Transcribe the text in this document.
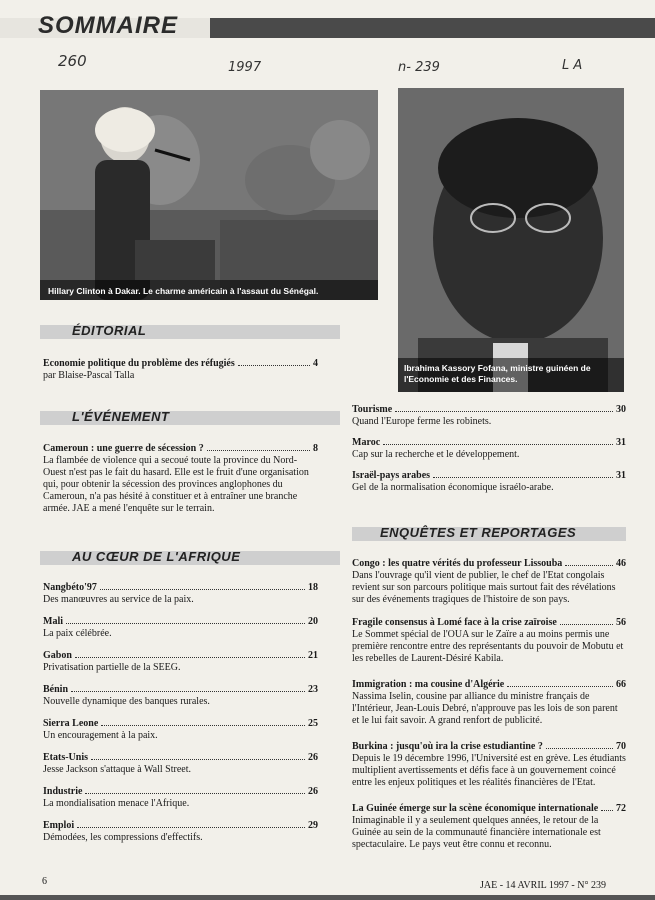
SOMMAIRE
260	1997	n- 239	L A
Hillary Clinton à Dakar. Le charme américain à l'assaut du Sénégal.
Ibrahima Kassory Fofana, ministre guinéen de l'Economie et des Finances.
ÉDITORIAL
Economie politique du problème des réfugiés	4
par Blaise-Pascal Talla
L'ÉVÉNEMENT
Cameroun : une guerre de sécession ?	8
La flambée de violence qui a secoué toute la province du Nord-Ouest n'est pas le fait du hasard. Elle est le fruit d'une organisation qui, pour obtenir la sécession des provinces anglophones du Cameroun, n'a pas hésité à constituer et à entraîner une branche armée. JAE a mené l'enquête sur le terrain.
AU CŒUR DE L'AFRIQUE
Nangbéto'97	18
Des manœuvres au service de la paix.
Mali	20
La paix célébrée.
Gabon	21
Privatisation partielle de la SEEG.
Bénin	23
Nouvelle dynamique des banques rurales.
Sierra Leone	25
Un encouragement à la paix.
Etats-Unis	26
Jesse Jackson s'attaque à Wall Street.
Industrie	26
La mondialisation menace l'Afrique.
Emploi	29
Démodées, les compressions d'effectifs.
Tourisme	30
Quand l'Europe ferme les robinets.
Maroc	31
Cap sur la recherche et le développement.
Israël-pays arabes	31
Gel de la normalisation économique israélo-arabe.
ENQUÊTES ET REPORTAGES
Congo : les quatre vérités du professeur Lissouba	46
Dans l'ouvrage qu'il vient de publier, le chef de l'Etat congolais revient sur son parcours politique mais surtout fait des révélations sur des événements tragiques de l'histoire de son pays.
Fragile consensus à Lomé face à la crise zaïroise	56
Le Sommet spécial de l'OUA sur le Zaïre a au moins permis une première rencontre entre des représentants du pouvoir de Mobutu et les rebelles de Laurent-Désiré Kabila.
Immigration : ma cousine d'Algérie	66
Nassima Iselin, cousine par alliance du ministre français de l'Intérieur, Jean-Louis Debré, n'approuve pas les lois de son parent et le lui fait savoir. A grand renfort de publicité.
Burkina : jusqu'où ira la crise estudiantine ?	70
Depuis le 19 décembre 1996, l'Université est en grève. Les étudiants multiplient avertissements et défis face à un gouvernement coincé entre les enjeux politiques et les réalités financières de l'Etat.
La Guinée émerge sur la scène économique internationale 72
Inimaginable il y a seulement quelques années, le retour de la Guinée au sein de la communauté financière internationale est spectaculaire. Le pays veut être connu et reconnu.
6	JAE - 14 AVRIL 1997 - N° 239
